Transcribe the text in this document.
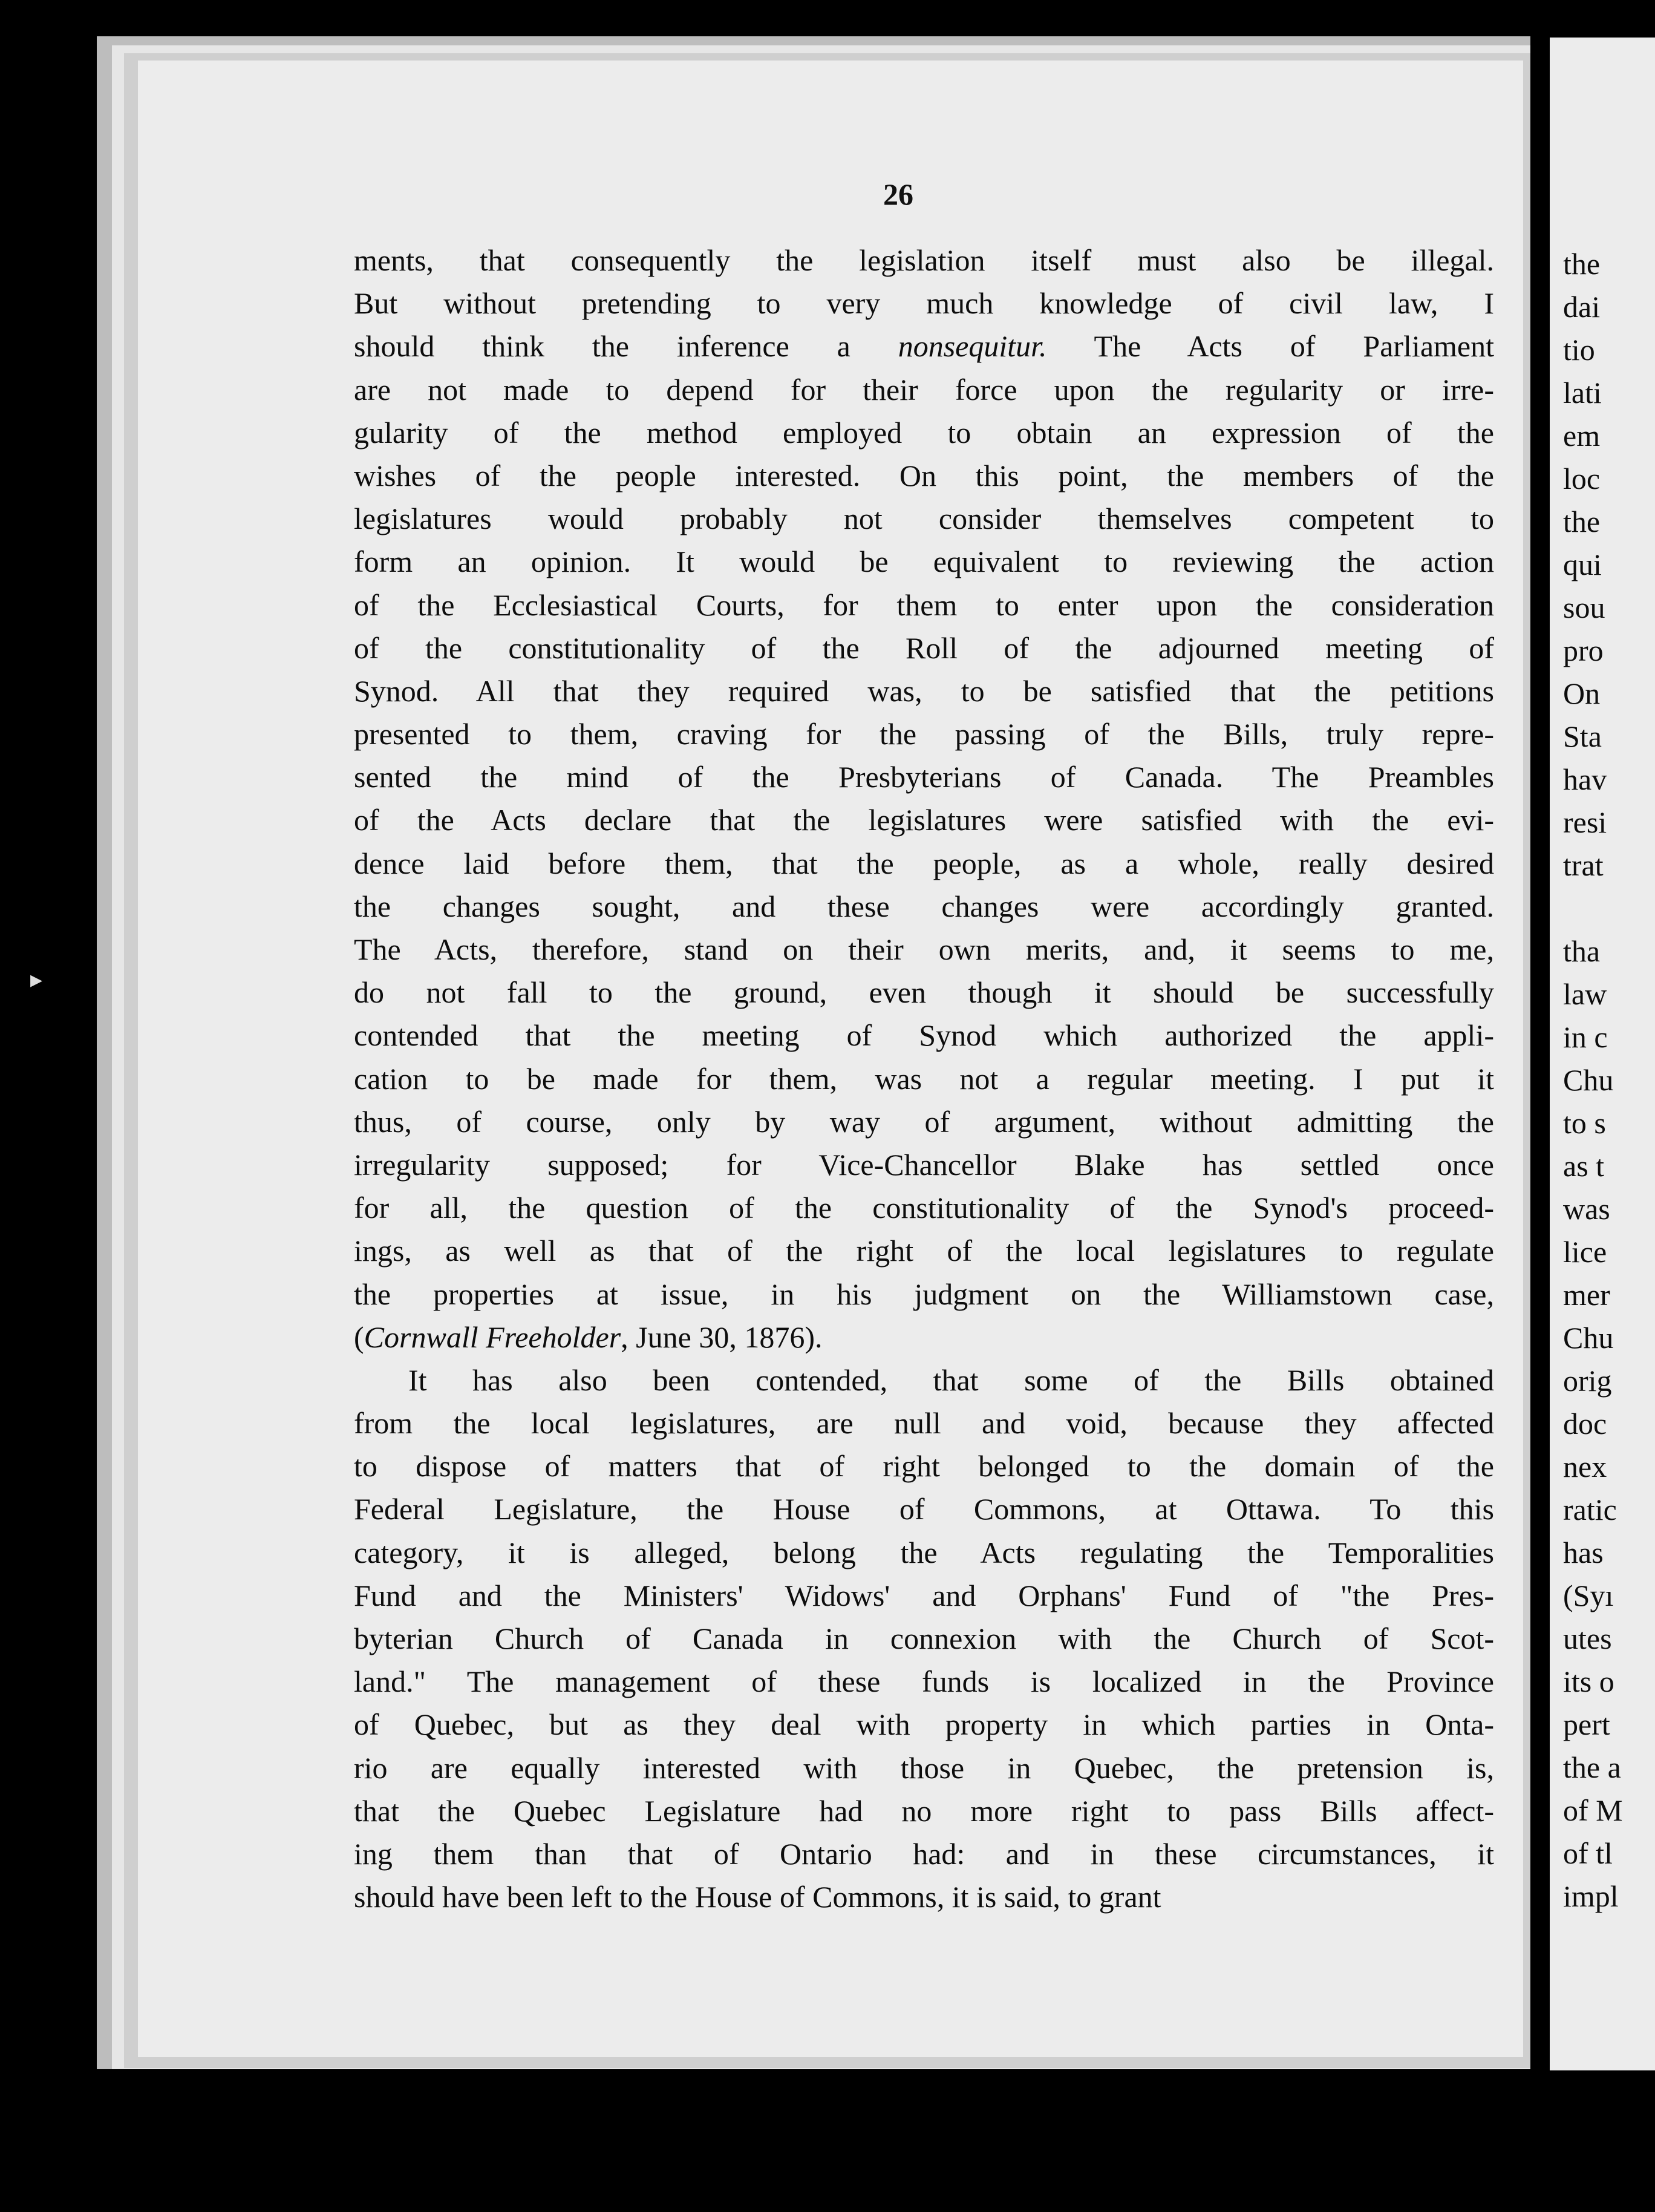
26
ments, that consequently the legislation itself must also be illegal.
But without pretending to very much knowledge of civil law, I
should think the inference a nonsequitur. The Acts of Parliament
are not made to depend for their force upon the regularity or irre-
gularity of the method employed to obtain an expression of the
wishes of the people interested. On this point, the members of the
legislatures would probably not consider themselves competent to
form an opinion. It would be equivalent to reviewing the action
of the Ecclesiastical Courts, for them to enter upon the consideration
of the constitutionality of the Roll of the adjourned meeting of
Synod. All that they required was, to be satisfied that the petitions
presented to them, craving for the passing of the Bills, truly repre-
sented the mind of the Presbyterians of Canada. The Preambles
of the Acts declare that the legislatures were satisfied with the evi-
dence laid before them, that the people, as a whole, really desired
the changes sought, and these changes were accordingly granted.
The Acts, therefore, stand on their own merits, and, it seems to me,
do not fall to the ground, even though it should be successfully
contended that the meeting of Synod which authorized the appli-
cation to be made for them, was not a regular meeting. I put it
thus, of course, only by way of argument, without admitting the
irregularity supposed; for Vice-Chancellor Blake has settled once
for all, the question of the constitutionality of the Synod's proceed-
ings, as well as that of the right of the local legislatures to regulate
the properties at issue, in his judgment on the Williamstown case,
(Cornwall Freeholder, June 30, 1876).
It has also been contended, that some of the Bills obtained
from the local legislatures, are null and void, because they affected
to dispose of matters that of right belonged to the domain of the
Federal Legislature, the House of Commons, at Ottawa. To this
category, it is alleged, belong the Acts regulating the Temporalities
Fund and the Ministers' Widows' and Orphans' Fund of "the Pres-
byterian Church of Canada in connexion with the Church of Scot-
land." The management of these funds is localized in the Province
of Quebec, but as they deal with property in which parties in Onta-
rio are equally interested with those in Quebec, the pretension is,
that the Quebec Legislature had no more right to pass Bills affect-
ing them than that of Ontario had: and in these circumstances, it
should have been left to the House of Commons, it is said, to grant
the
dai
tio
lati
em
loc
the
qui
sou
pro
On
Sta
hav
resi
trat
tha
law
in c
Chu
to s
as t
was
lice
mer
Chu
orig
doc
nex
ratic
has
(Syı
utes
its o
pert
the a
of M
of tl
impl
▸
